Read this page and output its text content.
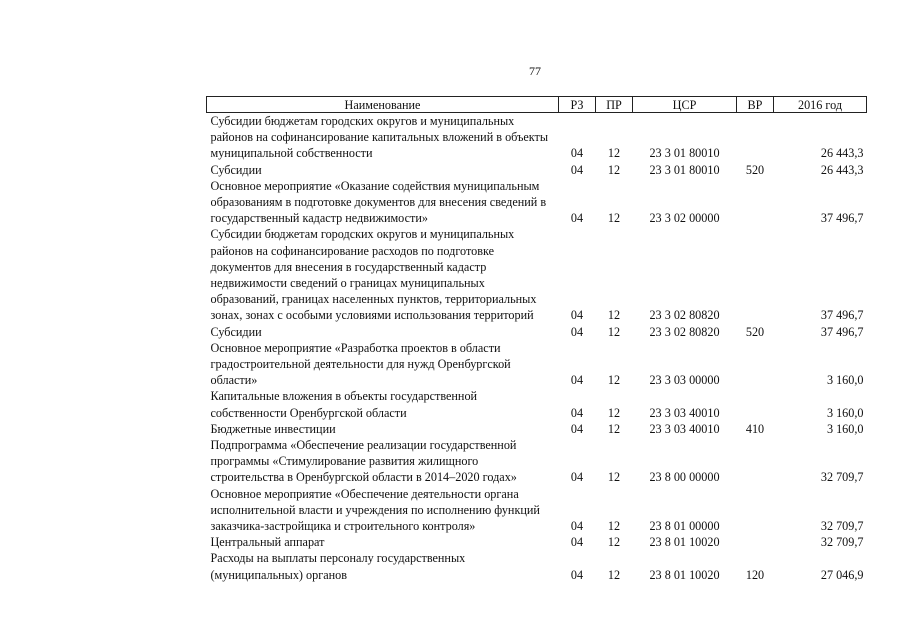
77
Наименование	РЗ	ПР	ЦСР	ВР	2016 год
Субсидии бюджетам городских округов и муниципальных районов на софинансирование капитальных вложений в объекты муниципальной собственности	04	12	23 3 01 80010		26 443,3
Субсидии	04	12	23 3 01 80010	520	26 443,3
Основное мероприятие «Оказание содействия муниципальным образованиям в подготовке документов для внесения сведений в государственный кадастр недвижимости»	04	12	23 3 02 00000		37 496,7
Субсидии бюджетам городских округов и муниципальных районов на софинансирование расходов по подготовке документов для внесения в государственный кадастр недвижимости сведений о границах муниципальных образований, границах населенных пунктов, территориальных зонах, зонах с особыми условиями использования территорий	04	12	23 3 02 80820		37 496,7
Субсидии	04	12	23 3 02 80820	520	37 496,7
Основное мероприятие «Разработка проектов в области градостроительной деятельности для нужд Оренбургской области»	04	12	23 3 03 00000		3 160,0
Капитальные вложения в объекты государственной собственности Оренбургской области	04	12	23 3 03 40010		3 160,0
Бюджетные инвестиции	04	12	23 3 03 40010	410	3 160,0
Подпрограмма «Обеспечение реализации государственной программы «Стимулирование развития жилищного строительства в Оренбургской области в 2014–2020 годах»	04	12	23 8 00 00000		32 709,7
Основное мероприятие «Обеспечение деятельности органа исполнительной власти и учреждения по исполнению функций заказчика-застройщика и строительного контроля»	04	12	23 8 01 00000		32 709,7
Центральный аппарат	04	12	23 8 01 10020		32 709,7
Расходы на выплаты персоналу государственных (муниципальных) органов	04	12	23 8 01 10020	120	27 046,9
